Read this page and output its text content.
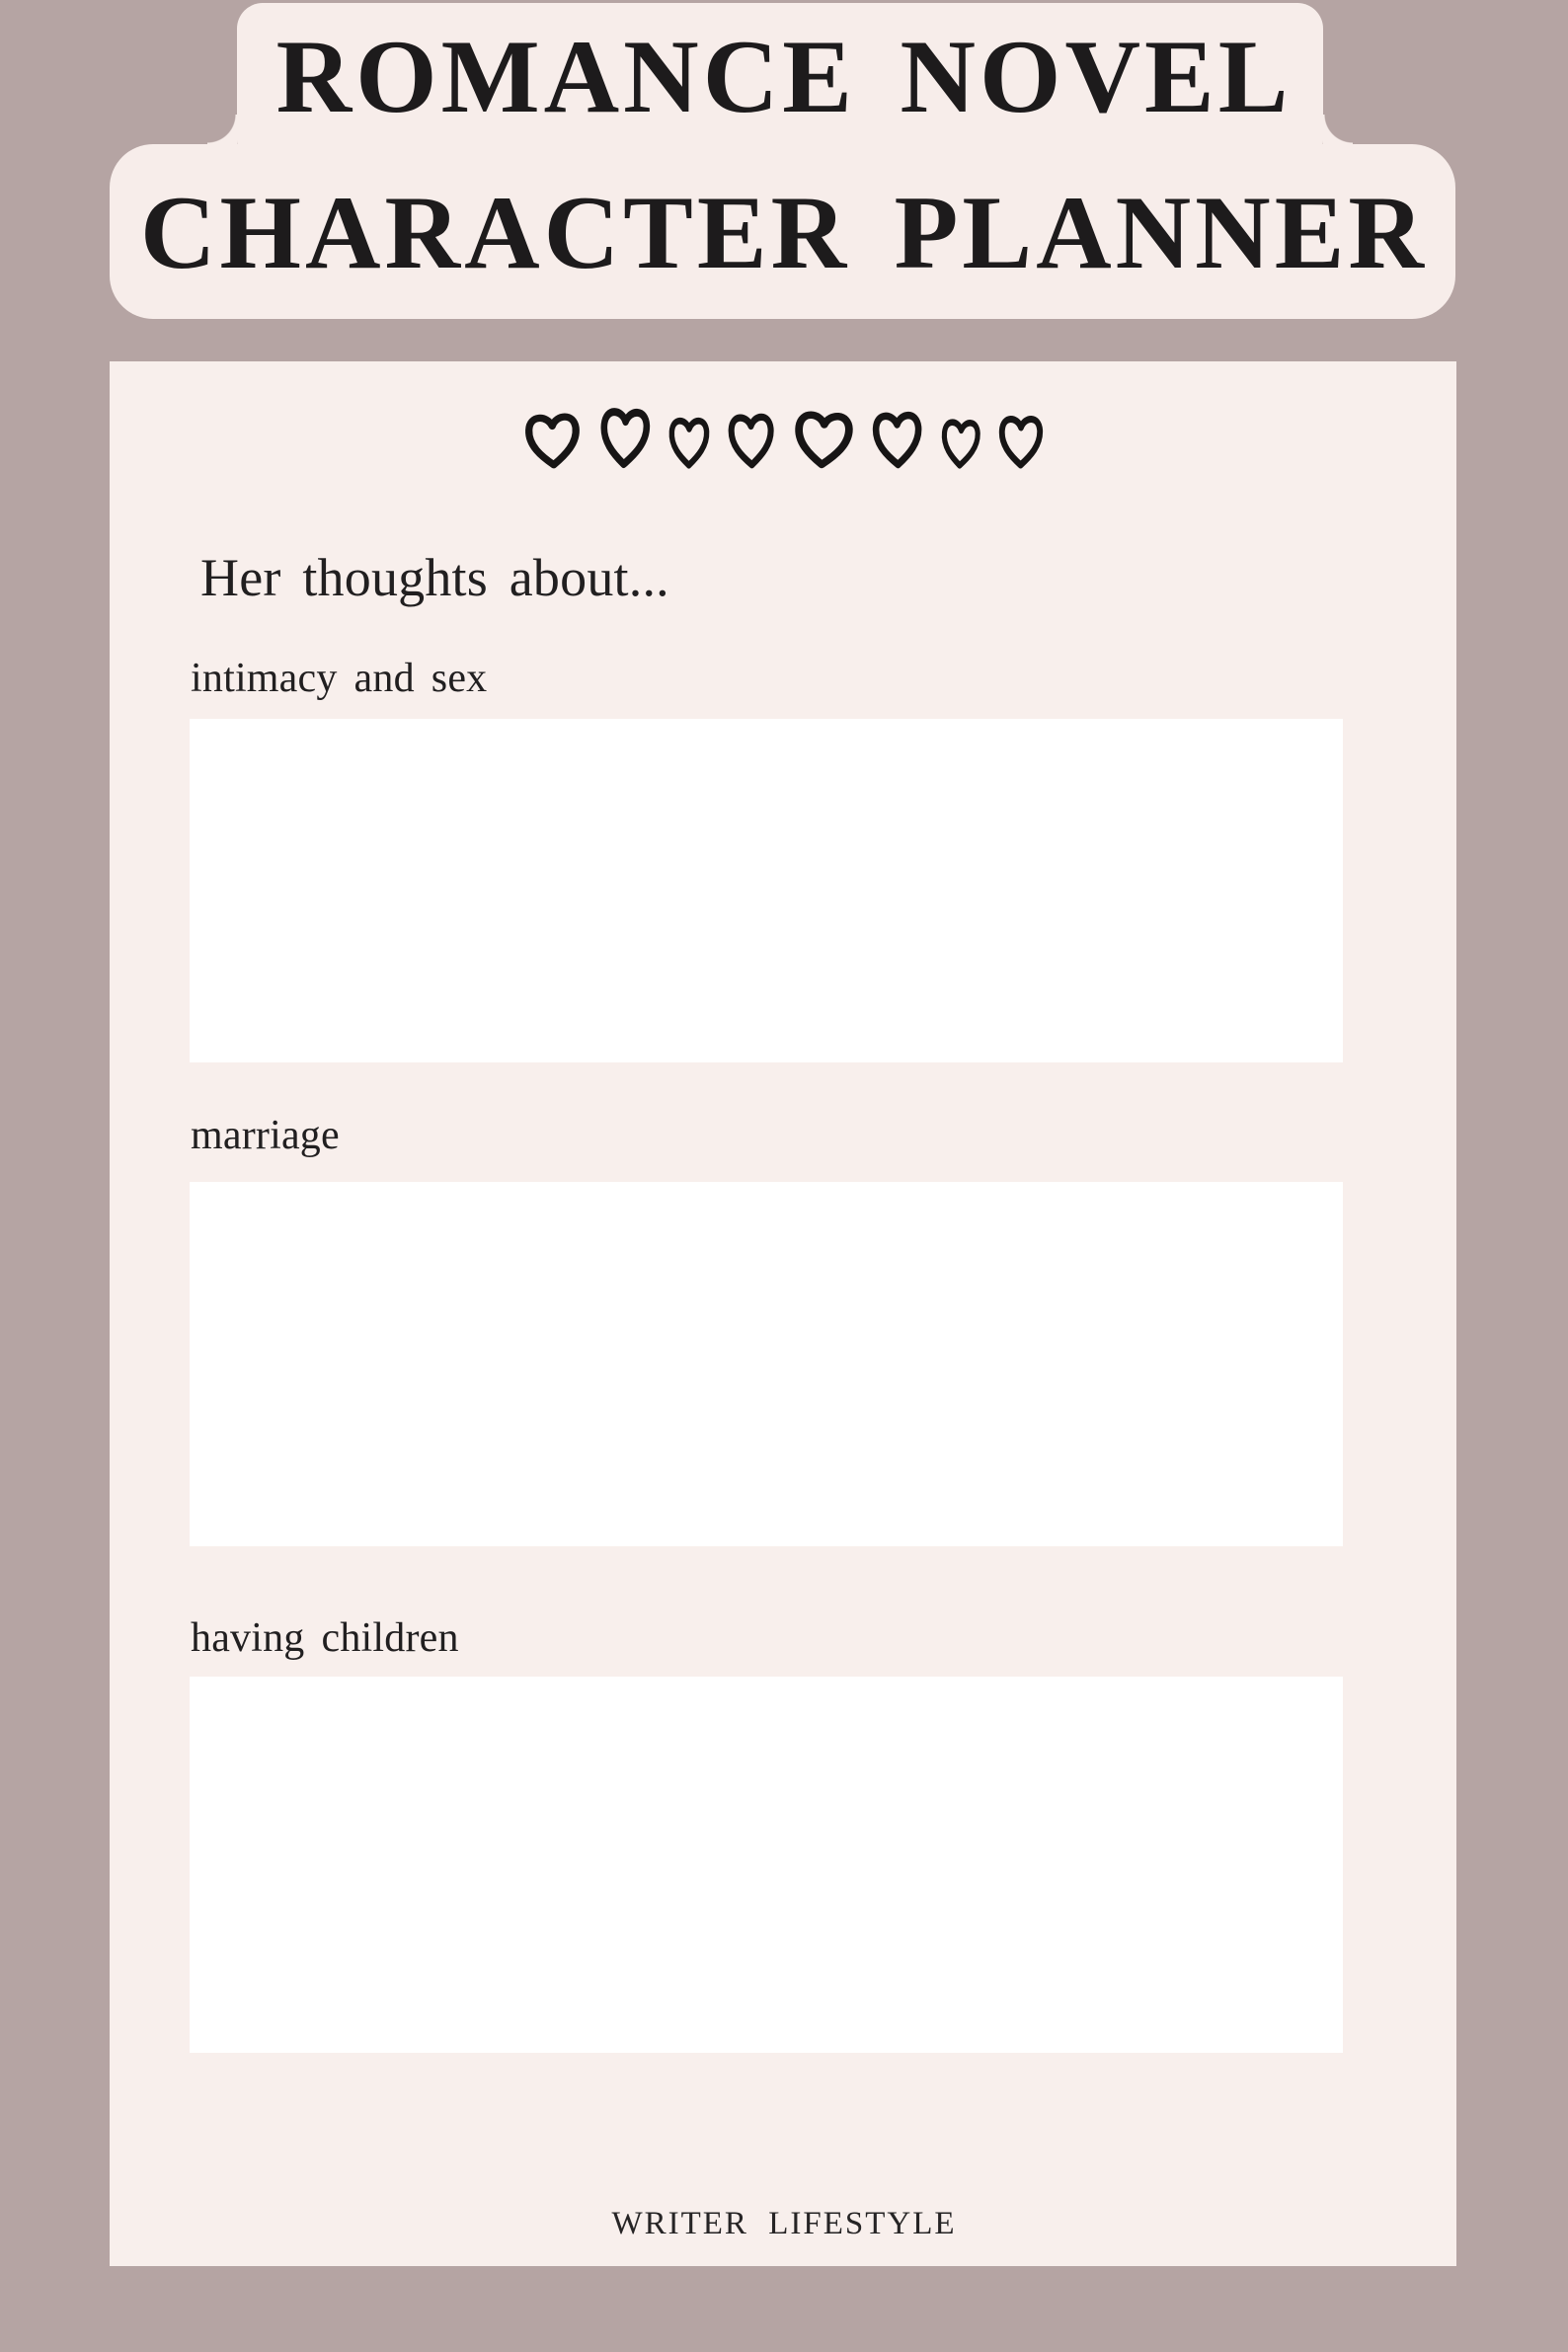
ROMANCE NOVEL
CHARACTER PLANNER
Her thoughts about...
intimacy and sex
marriage
having children
WRITER LIFESTYLE
